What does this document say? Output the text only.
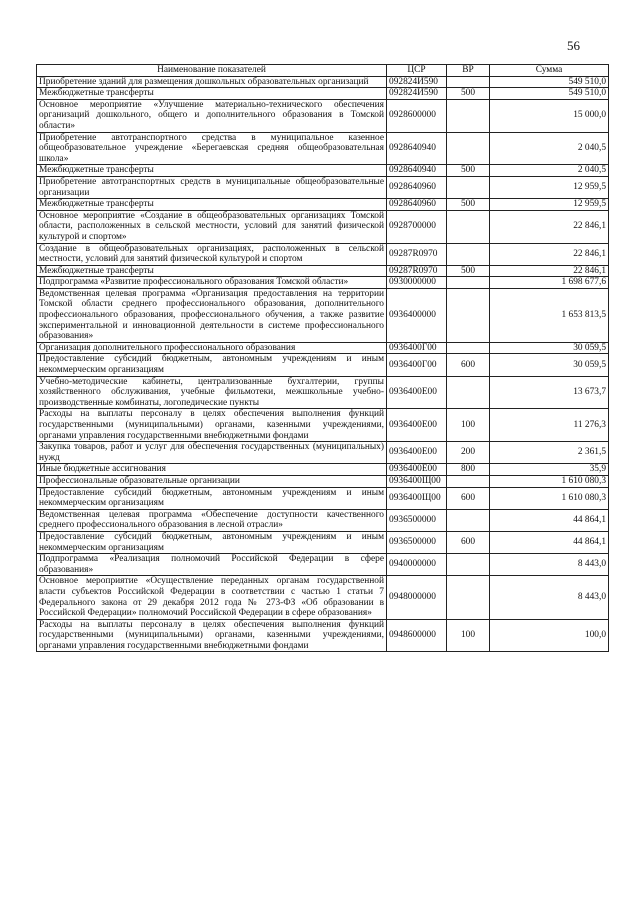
56
Наименование показателей	ЦСР	ВР	Сумма
Приобретение зданий для размещения дошкольных образовательных организаций	092824И590		549 510,0
Межбюджетные трансферты	092824И590	500	549 510,0
Основное мероприятие «Улучшение материально-технического обеспечения организаций дошкольного, общего и дополнительного образования в Томской области»	0928600000		15 000,0
Приобретение автотранспортного средства в муниципальное казенное общеобразовательное учреждение «Берегаевская средняя общеобразовательная школа»	0928640940		2 040,5
Межбюджетные трансферты	0928640940	500	2 040,5
Приобретение автотранспортных средств в муниципальные общеобразовательные организации	0928640960		12 959,5
Межбюджетные трансферты	0928640960	500	12 959,5
Основное мероприятие «Создание в общеобразовательных организациях Томской области, расположенных в сельской местности, условий для занятий физической культурой и спортом»	0928700000		22 846,1
Создание в общеобразовательных организациях, расположенных в сельской местности, условий для занятий физической культурой и спортом	09287R0970		22 846,1
Межбюджетные трансферты	09287R0970	500	22 846,1
Подпрограмма «Развитие профессионального образования Томской области»	0930000000		1 698 677,6
Ведомственная целевая программа «Организация предоставления на территории Томской области среднего профессионального образования, дополнительного профессионального образования, профессионального обучения, а также развитие экспериментальной и инновационной деятельности в системе профессионального образования»	0936400000		1 653 813,5
Организация дополнительного профессионального образования	0936400Г00		30 059,5
Предоставление субсидий бюджетным, автономным учреждениям и иным некоммерческим организациям	0936400Г00	600	30 059,5
Учебно-методические кабинеты, централизованные бухгалтерии, группы хозяйственного обслуживания, учебные фильмотеки, межшкольные учебно-производственные комбинаты, логопедические пункты	0936400Е00		13 673,7
Расходы на выплаты персоналу в целях обеспечения выполнения функций государственными (муниципальными) органами, казенными учреждениями, органами управления государственными внебюджетными фондами	0936400Е00	100	11 276,3
Закупка товаров, работ и услуг для обеспечения государственных (муниципальных) нужд	0936400Е00	200	2 361,5
Иные бюджетные ассигнования	0936400Е00	800	35,9
Профессиональные образовательные организации	0936400Щ00		1 610 080,3
Предоставление субсидий бюджетным, автономным учреждениям и иным некоммерческим организациям	0936400Щ00	600	1 610 080,3
Ведомственная целевая программа «Обеспечение доступности качественного среднего профессионального образования в лесной отрасли»	0936500000		44 864,1
Предоставление субсидий бюджетным, автономным учреждениям и иным некоммерческим организациям	0936500000	600	44 864,1
Подпрограмма «Реализация полномочий Российской Федерации в сфере образования»	0940000000		8 443,0
Основное мероприятие «Осуществление переданных органам государственной власти субъектов Российской Федерации в соответствии с частью 1 статьи 7 Федерального закона от 29 декабря 2012 года № 273-ФЗ «Об образовании в Российской Федерации» полномочий Российской Федерации в сфере образования»	0948000000		8 443,0
Расходы на выплаты персоналу в целях обеспечения выполнения функций государственными (муниципальными) органами, казенными учреждениями, органами управления государственными внебюджетными фондами	0948600000	100	100,0
